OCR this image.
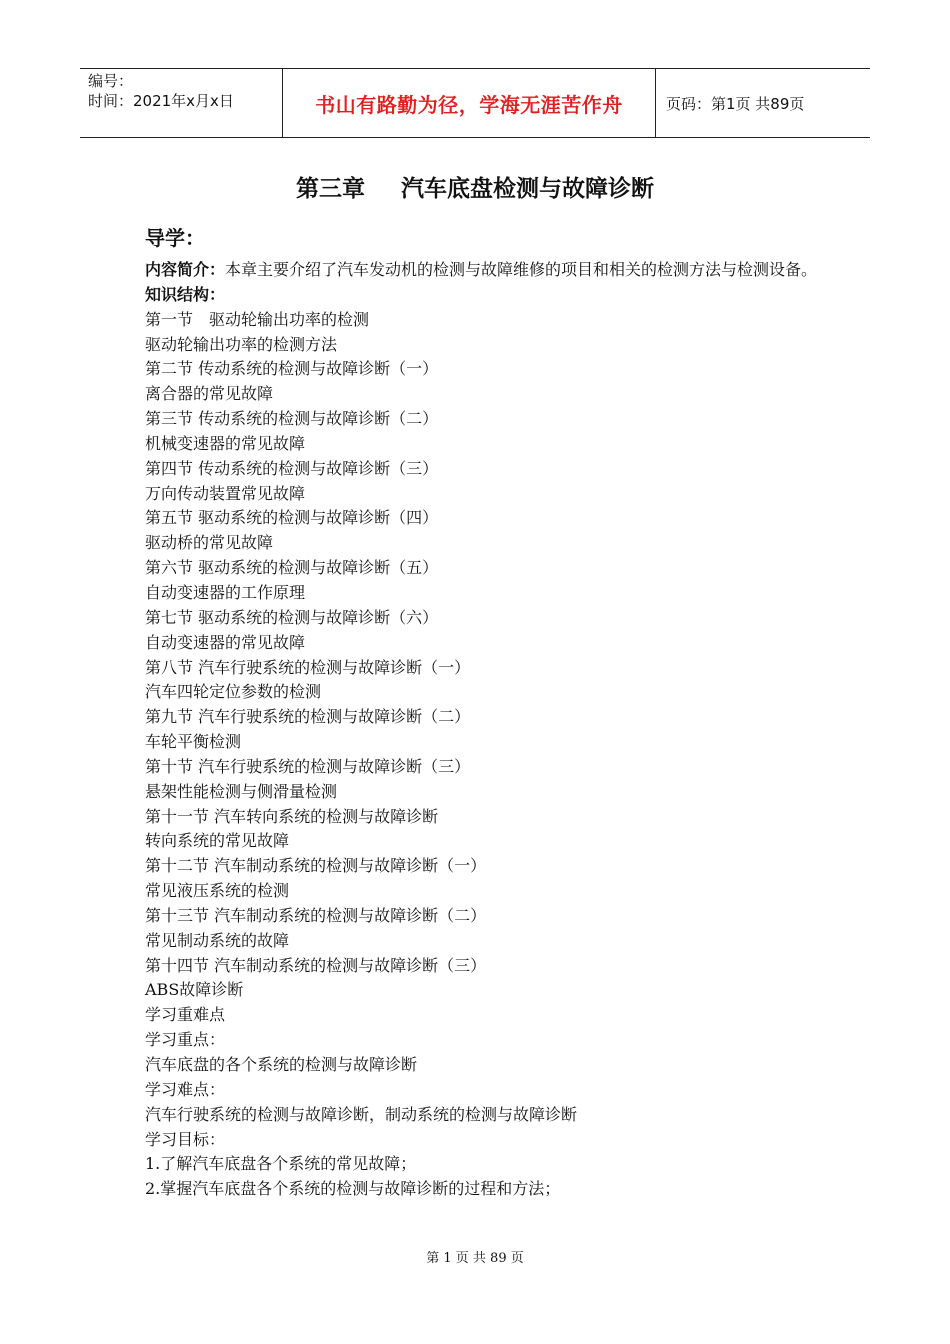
编号：
时间：2021年x月x日	书山有路勤为径，学海无涯苦作舟	页码：第1页 共89页
第三章 汽车底盘检测与故障诊断
导学：
内容简介：本章主要介绍了汽车发动机的检测与故障维修的项目和相关的检测方法与检测设备。
知识结构：
第一节　驱动轮输出功率的检测
驱动轮输出功率的检测方法
第二节 传动系统的检测与故障诊断（一）
离合器的常见故障
第三节 传动系统的检测与故障诊断（二）
机械变速器的常见故障
第四节 传动系统的检测与故障诊断（三）
万向传动装置常见故障
第五节 驱动系统的检测与故障诊断（四）
驱动桥的常见故障
第六节 驱动系统的检测与故障诊断（五）
自动变速器的工作原理
第七节 驱动系统的检测与故障诊断（六）
自动变速器的常见故障
第八节 汽车行驶系统的检测与故障诊断（一）
汽车四轮定位参数的检测
第九节 汽车行驶系统的检测与故障诊断（二）
车轮平衡检测
第十节 汽车行驶系统的检测与故障诊断（三）
悬架性能检测与侧滑量检测
第十一节 汽车转向系统的检测与故障诊断
转向系统的常见故障
第十二节 汽车制动系统的检测与故障诊断（一）
常见液压系统的检测
第十三节 汽车制动系统的检测与故障诊断（二）
常见制动系统的故障
第十四节 汽车制动系统的检测与故障诊断（三）
ABS故障诊断
学习重难点
学习重点：
汽车底盘的各个系统的检测与故障诊断
学习难点：
汽车行驶系统的检测与故障诊断，制动系统的检测与故障诊断
学习目标：
1.了解汽车底盘各个系统的常见故障；
2.掌握汽车底盘各个系统的检测与故障诊断的过程和方法；
第 1 页 共 89 页
